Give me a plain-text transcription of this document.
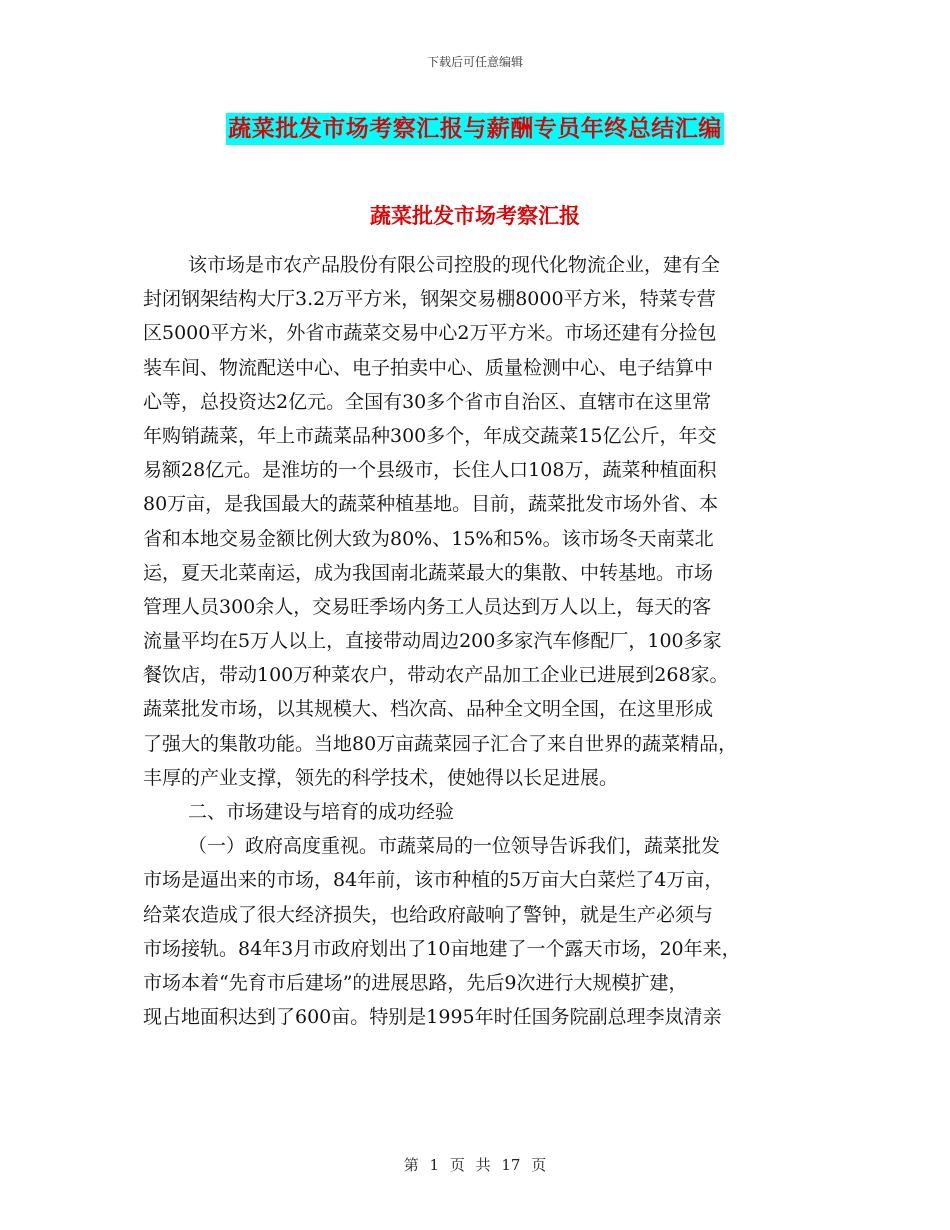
下载后可任意编辑
蔬菜批发市场考察汇报与薪酬专员年终总结汇编
蔬菜批发市场考察汇报
该市场是市农产品股份有限公司控股的现代化物流企业，建有全
封闭钢架结构大厅3.2万平方米，钢架交易棚8000平方米，特菜专营
区5000平方米，外省市蔬菜交易中心2万平方米。市场还建有分捡包
装车间、物流配送中心、电子拍卖中心、质量检测中心、电子结算中
心等，总投资达2亿元。全国有30多个省市自治区、直辖市在这里常
年购销蔬菜，年上市蔬菜品种300多个，年成交蔬菜15亿公斤，年交
易额28亿元。是淮坊的一个县级市，长住人口108万，蔬菜种植面积
80万亩，是我国最大的蔬菜种植基地。目前，蔬菜批发市场外省、本
省和本地交易金额比例大致为80%、15%和5%。该市场冬天南菜北
运，夏天北菜南运，成为我国南北蔬菜最大的集散、中转基地。市场
管理人员300余人，交易旺季场内务工人员达到万人以上，每天的客
流量平均在5万人以上，直接带动周边200多家汽车修配厂，100多家
餐饮店，带动100万种菜农户，带动农产品加工企业已进展到268家。
蔬菜批发市场，以其规模大、档次高、品种全文明全国，在这里形成
了强大的集散功能。当地80万亩蔬菜园子汇合了来自世界的蔬菜精品，
丰厚的产业支撑，领先的科学技术，使她得以长足进展。
二、市场建设与培育的成功经验
（一）政府高度重视。市蔬菜局的一位领导告诉我们，蔬菜批发
市场是逼出来的市场，84年前，该市种植的5万亩大白菜烂了4万亩，
给菜农造成了很大经济损失，也给政府敲响了警钟，就是生产必须与
市场接轨。84年3月市政府划出了10亩地建了一个露天市场，20年来，
市场本着“先育市后建场”的进展思路，先后9次进行大规模扩建，
现占地面积达到了600亩。特别是1995年时任国务院副总理李岚清亲
第 1 页 共 17 页
